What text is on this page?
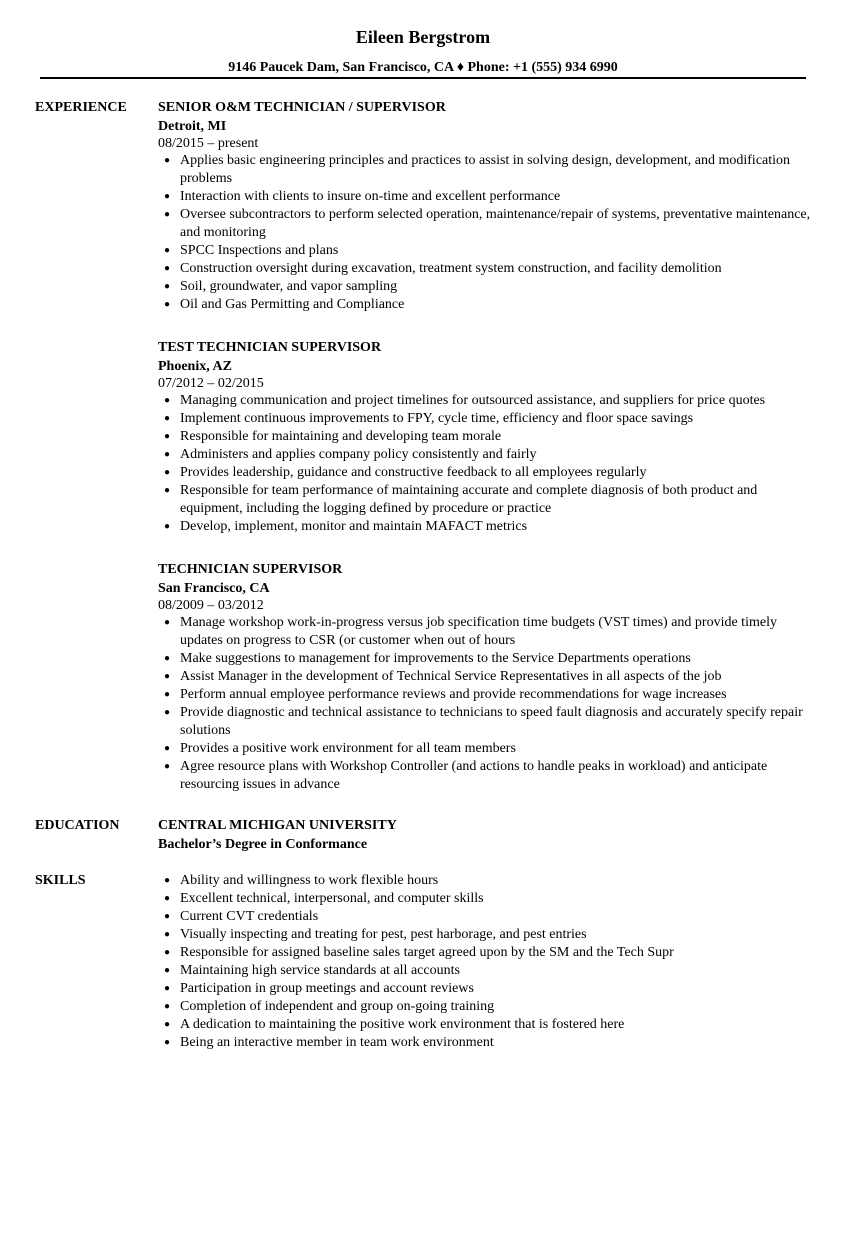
Eileen Bergstrom
9146 Paucek Dam, San Francisco, CA ♦ Phone: +1 (555) 934 6990
EXPERIENCE SENIOR O&M TECHNICIAN / SUPERVISOR
Detroit, MI
08/2015 – present
● Applies basic engineering principles and practices to assist in solving design, development, and modification problems
● Interaction with clients to insure on-time and excellent performance
● Oversee subcontractors to perform selected operation, maintenance/repair of systems, preventative maintenance, and monitoring
● SPCC Inspections and plans
● Construction oversight during excavation, treatment system construction, and facility demolition
● Soil, groundwater, and vapor sampling
● Oil and Gas Permitting and Compliance
TEST TECHNICIAN SUPERVISOR
Phoenix, AZ
07/2012 – 02/2015
● Managing communication and project timelines for outsourced assistance, and suppliers for price quotes
● Implement continuous improvements to FPY, cycle time, efficiency and floor space savings
● Responsible for maintaining and developing team morale
● Administers and applies company policy consistently and fairly
● Provides leadership, guidance and constructive feedback to all employees regularly
● Responsible for team performance of maintaining accurate and complete diagnosis of both product and equipment, including the logging defined by procedure or practice
● Develop, implement, monitor and maintain MAFACT metrics
TECHNICIAN SUPERVISOR
San Francisco, CA
08/2009 – 03/2012
● Manage workshop work-in-progress versus job specification time budgets (VST times) and provide timely updates on progress to CSR (or customer when out of hours
● Make suggestions to management for improvements to the Service Departments operations
● Assist Manager in the development of Technical Service Representatives in all aspects of the job
● Perform annual employee performance reviews and provide recommendations for wage increases
● Provide diagnostic and technical assistance to technicians to speed fault diagnosis and accurately specify repair solutions
● Provides a positive work environment for all team members
● Agree resource plans with Workshop Controller (and actions to handle peaks in workload) and anticipate resourcing issues in advance
EDUCATION	CENTRAL MICHIGAN UNIVERSITY
Bachelor’s Degree in Conformance
SKILLS	● Ability and willingness to work flexible hours
● Excellent technical, interpersonal, and computer skills
● Current CVT credentials
● Visually inspecting and treating for pest, pest harborage, and pest entries
● Responsible for assigned baseline sales target agreed upon by the SM and the Tech Supr
● Maintaining high service standards at all accounts
● Participation in group meetings and account reviews
● Completion of independent and group on-going training
● A dedication to maintaining the positive work environment that is fostered here
● Being an interactive member in team work environment
